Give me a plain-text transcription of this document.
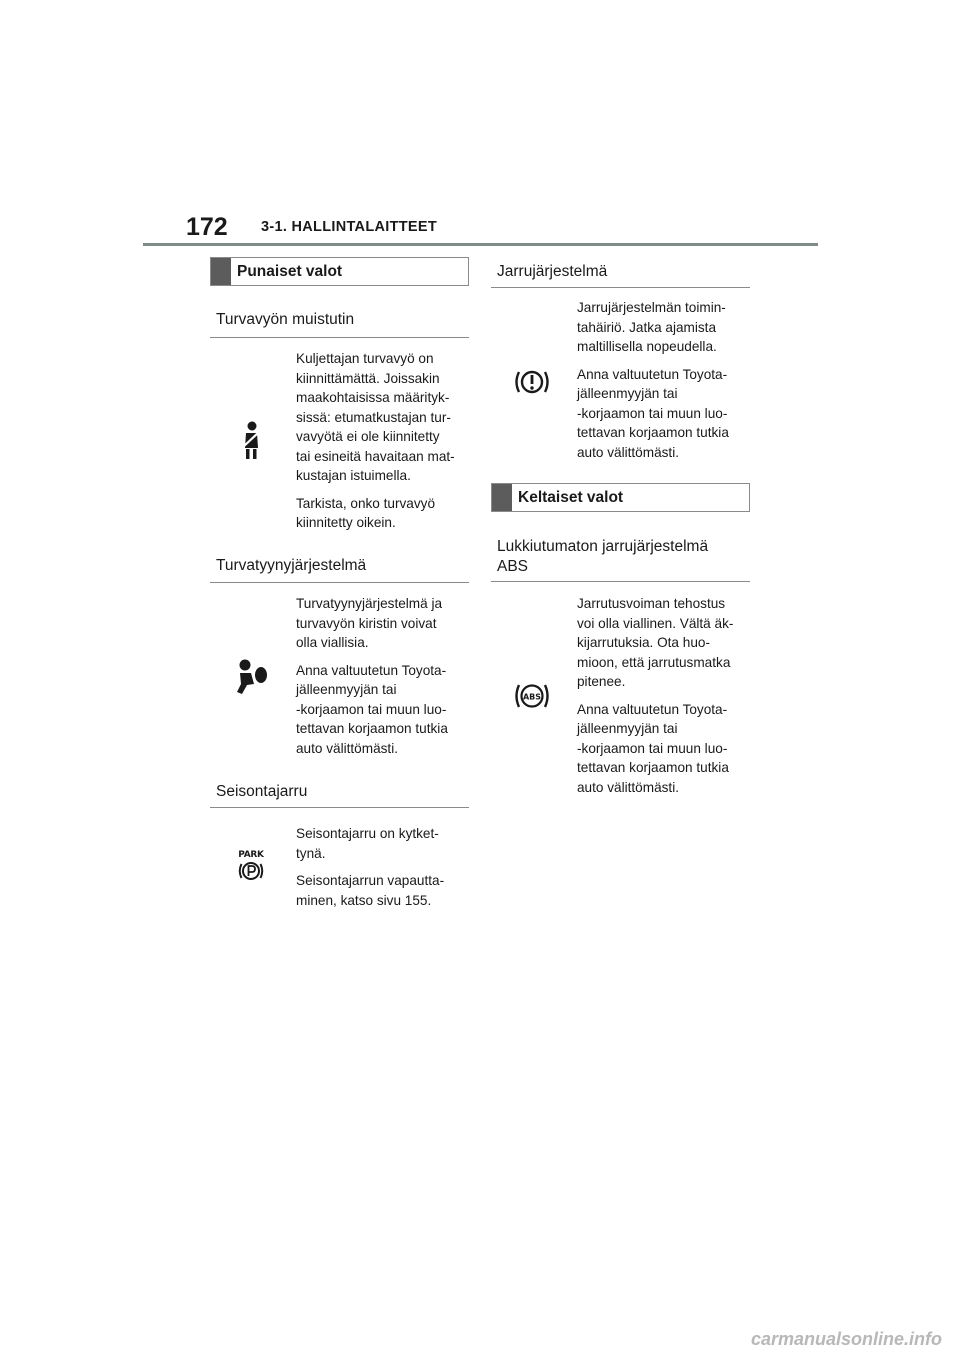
172 3-1. HALLINTALAITTEET
Punaiset valot
Turvavyön muistutin

Kuljettajan turvavyö on
kiinnittämättä. Joissakin
maakohtaisissa määrityk-
sissä: etumatkustajan tur-
vavyötä ei ole kiinnitetty
tai esineitä havaitaan mat-
kustajan istuimella.

Tarkista, onko turvavyö
kiinnitetty oikein.

Turvatyynyjärjestelmä

Turvatyynyjärjestelmä ja
turvavyön kiristin voivat
olla viallisia.

Anna valtuutetun Toyota-
jälleenmyyjän tai
-korjaamon tai muun luo-
tettavan korjaamon tutkia
auto välittömästi.

Seisontajarru
PARK

Seisontajarru on kytket-
tynä.

Seisontajarrun vapautta-
minen, katso sivu 155.

Jarrujärjestelmä

Jarrujärjestelmän toimin-
tahäiriö. Jatka ajamista
maltillisella nopeudella.

Anna valtuutetun Toyota-
jälleenmyyjän tai
-korjaamon tai muun luo-
tettavan korjaamon tutkia
auto välittömästi.

Keltaiset valot
Lukkiutumaton jarrujärjestelmä
ABS
ABS

Jarrutusvoiman tehostus
voi olla viallinen. Vältä äk-
kijarrutuksia. Ota huo-
mioon, että jarrutusmatka
pitenee.

Anna valtuutetun Toyota-
jälleenmyyjän tai
-korjaamon tai muun luo-
tettavan korjaamon tutkia
auto välittömästi.

carmanualsonline.info
